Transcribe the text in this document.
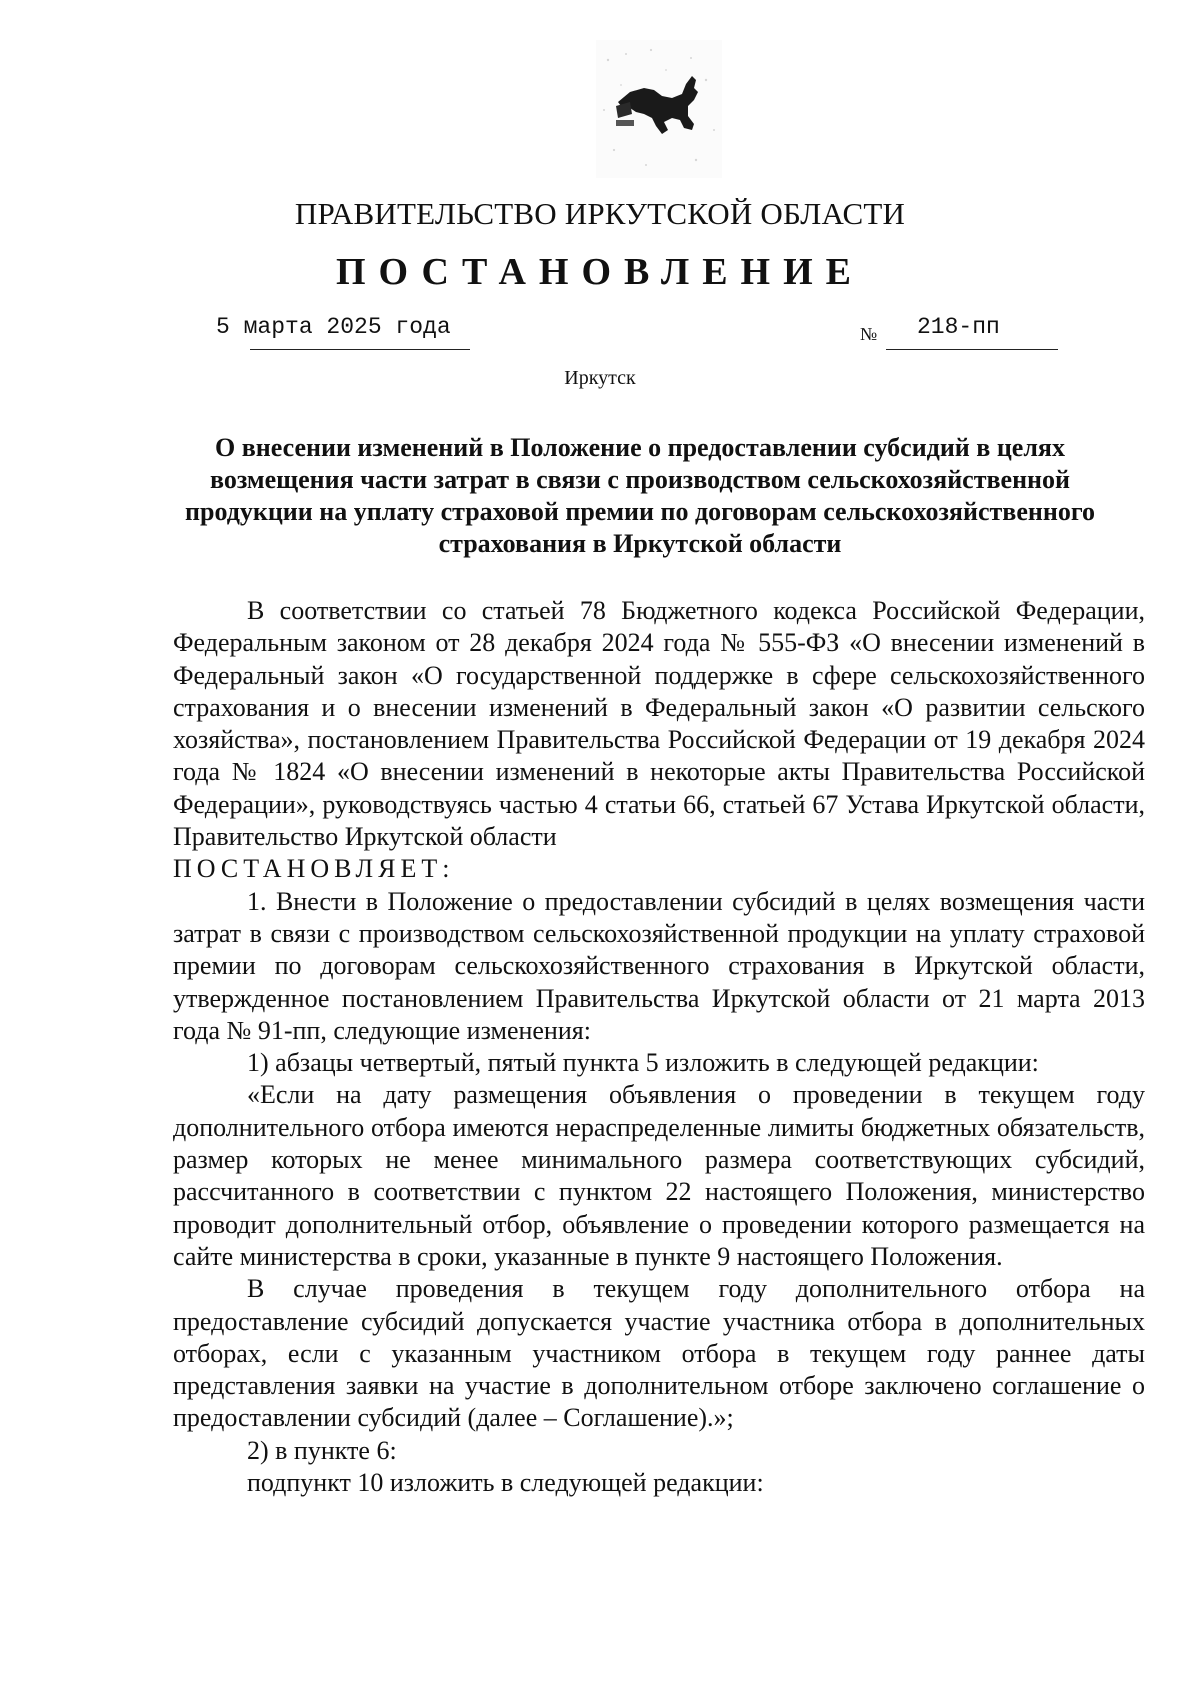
ПРАВИТЕЛЬСТВО ИРКУТСКОЙ ОБЛАСТИ
ПОСТАНОВЛЕНИЕ
5 марта 2025 года	№ 218-пп
Иркутск
О внесении изменений в Положение о предоставлении субсидий в целях возмещения части затрат в связи с производством сельскохозяйственной продукции на уплату страховой премии по договорам сельскохозяйственного страхования в Иркутской области

В соответствии со статьей 78 Бюджетного кодекса Российской Федерации, Федеральным законом от 28 декабря 2024 года № 555-ФЗ «О внесении изменений в Федеральный закон «О государственной поддержке в сфере сельскохозяйственного страхования и о внесении изменений в Федеральный закон «О развитии сельского хозяйства», постановлением Правительства Российской Федерации от 19 декабря 2024 года № 1824 «О внесении изменений в некоторые акты Правительства Российской Федерации», руководствуясь частью 4 статьи 66, статьей 67 Устава Иркутской области, Правительство Иркутской области

ПОСТАНОВЛЯЕТ:

1. Внести в Положение о предоставлении субсидий в целях возмещения части затрат в связи с производством сельскохозяйственной продукции на уплату страховой премии по договорам сельскохозяйственного страхования в Иркутской области, утвержденное постановлением Правительства Иркутской области от 21 марта 2013 года № 91-пп, следующие изменения:

1) абзацы четвертый, пятый пункта 5 изложить в следующей редакции:

«Если на дату размещения объявления о проведении в текущем году дополнительного отбора имеются нераспределенные лимиты бюджетных обязательств, размер которых не менее минимального размера соответствующих субсидий, рассчитанного в соответствии с пунктом 22 настоящего Положения, министерство проводит дополнительный отбор, объявление о проведении которого размещается на сайте министерства в сроки, указанные в пункте 9 настоящего Положения.

В случае проведения в текущем году дополнительного отбора на предоставление субсидий допускается участие участника отбора в дополнительных отборах, если с указанным участником отбора в текущем году раннее даты представления заявки на участие в дополнительном отборе заключено соглашение о предоставлении субсидий (далее – Соглашение).»;

2) в пункте 6:

подпункт 10 изложить в следующей редакции:
